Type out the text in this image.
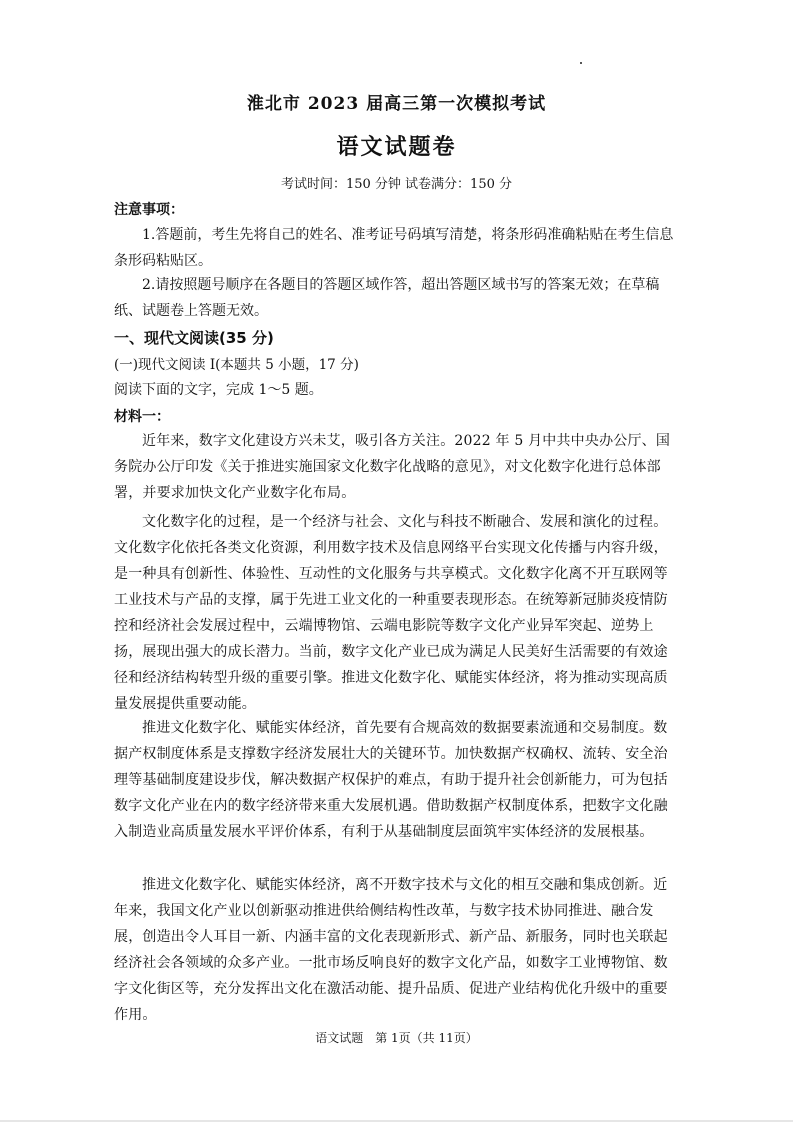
淮北市 2023 届高三第一次模拟考试
语文试题卷
考试时间：150 分钟 试卷满分：150 分
注意事项：
1.答题前，考生先将自己的姓名、准考证号码填写清楚，将条形码准确粘贴在考生信息条形码粘贴区。
2.请按照题号顺序在各题目的答题区域作答，超出答题区域书写的答案无效；在草稿纸、试题卷上答题无效。
一、现代文阅读(35 分)
(一)现代文阅读 I(本题共 5 小题，17 分)
阅读下面的文字，完成 1～5 题。
材料一：
近年来，数字文化建设方兴未艾，吸引各方关注。2022 年 5 月中共中央办公厅、国务院办公厅印发《关于推进实施国家文化数字化战略的意见》，对文化数字化进行总体部署，并要求加快文化产业数字化布局。
文化数字化的过程，是一个经济与社会、文化与科技不断融合、发展和演化的过程。文化数字化依托各类文化资源，利用数字技术及信息网络平台实现文化传播与内容升级，是一种具有创新性、体验性、互动性的文化服务与共享模式。文化数字化离不开互联网等工业技术与产品的支撑，属于先进工业文化的一种重要表现形态。在统筹新冠肺炎疫情防控和经济社会发展过程中，云端博物馆、云端电影院等数字文化产业异军突起、逆势上扬，展现出强大的成长潜力。当前，数字文化产业已成为满足人民美好生活需要的有效途径和经济结构转型升级的重要引擎。推进文化数字化、赋能实体经济，将为推动实现高质量发展提供重要动能。
推进文化数字化、赋能实体经济，首先要有合规高效的数据要素流通和交易制度。数据产权制度体系是支撑数字经济发展壮大的关键环节。加快数据产权确权、流转、安全治理等基础制度建设步伐，解决数据产权保护的难点，有助于提升社会创新能力，可为包括数字文化产业在内的数字经济带来重大发展机遇。借助数据产权制度体系，把数字文化融入制造业高质量发展水平评价体系，有利于从基础制度层面筑牢实体经济的发展根基。
推进文化数字化、赋能实体经济，离不开数字技术与文化的相互交融和集成创新。近年来，我国文化产业以创新驱动推进供给侧结构性改革，与数字技术协同推进、融合发展，创造出令人耳目一新、内涵丰富的文化表现新形式、新产品、新服务，同时也关联起经济社会各领域的众多产业。一批市场反响良好的数字文化产品，如数字工业博物馆、数字文化街区等，充分发挥出文化在激活动能、提升品质、促进产业结构优化升级中的重要作用。
语文试题　第 1页（共 11页）
